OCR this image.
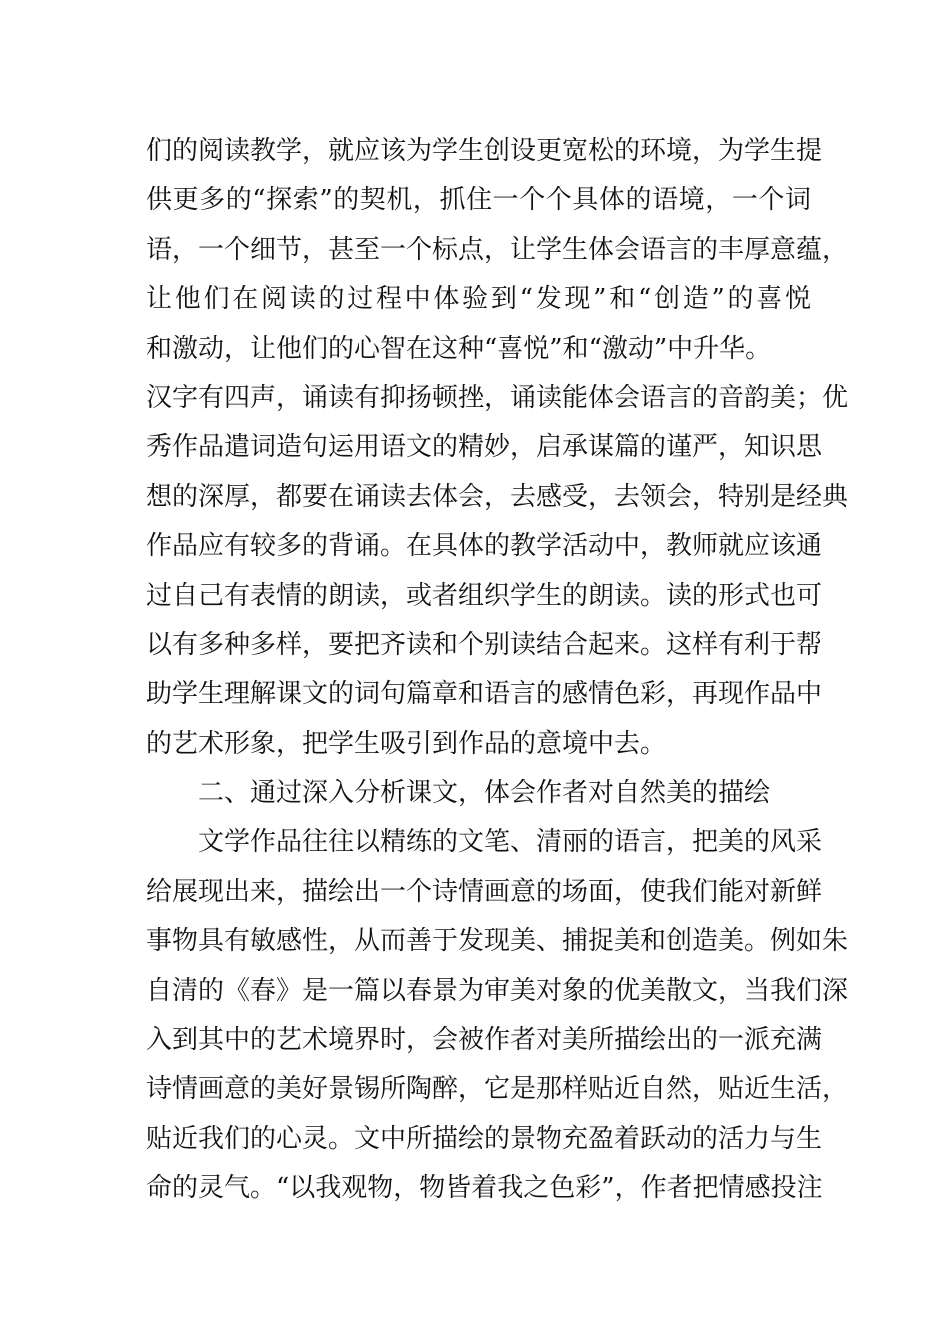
们的阅读教学，就应该为学生创设更宽松的环境，为学生提
供更多的“探索”的契机，抓住一个个具体的语境，一个词
语，一个细节，甚至一个标点，让学生体会语言的丰厚意蕴，
让他们在阅读的过程中体验到“发现”和“创造”的喜悦
和激动，让他们的心智在这种“喜悦”和“激动”中升华。
汉字有四声，诵读有抑扬顿挫，诵读能体会语言的音韵美；优
秀作品遣词造句运用语文的精妙，启承谋篇的谨严，知识思
想的深厚，都要在诵读去体会，去感受，去领会，特别是经典
作品应有较多的背诵。在具体的教学活动中，教师就应该通
过自己有表情的朗读，或者组织学生的朗读。读的形式也可
以有多种多样，要把齐读和个别读结合起来。这样有利于帮
助学生理解课文的词句篇章和语言的感情色彩，再现作品中
的艺术形象，把学生吸引到作品的意境中去。
二、通过深入分析课文，体会作者对自然美的描绘
文学作品往往以精练的文笔、清丽的语言，把美的风采
给展现出来，描绘出一个诗情画意的场面，使我们能对新鲜
事物具有敏感性，从而善于发现美、捕捉美和创造美。例如朱
自清的《春》是一篇以春景为审美对象的优美散文，当我们深
入到其中的艺术境界时，会被作者对美所描绘出的一派充满
诗情画意的美好景锡所陶醉，它是那样贴近自然，贴近生活，
贴近我们的心灵。文中所描绘的景物充盈着跃动的活力与生
命的灵气。“以我观物，物皆着我之色彩”，作者把情感投注
